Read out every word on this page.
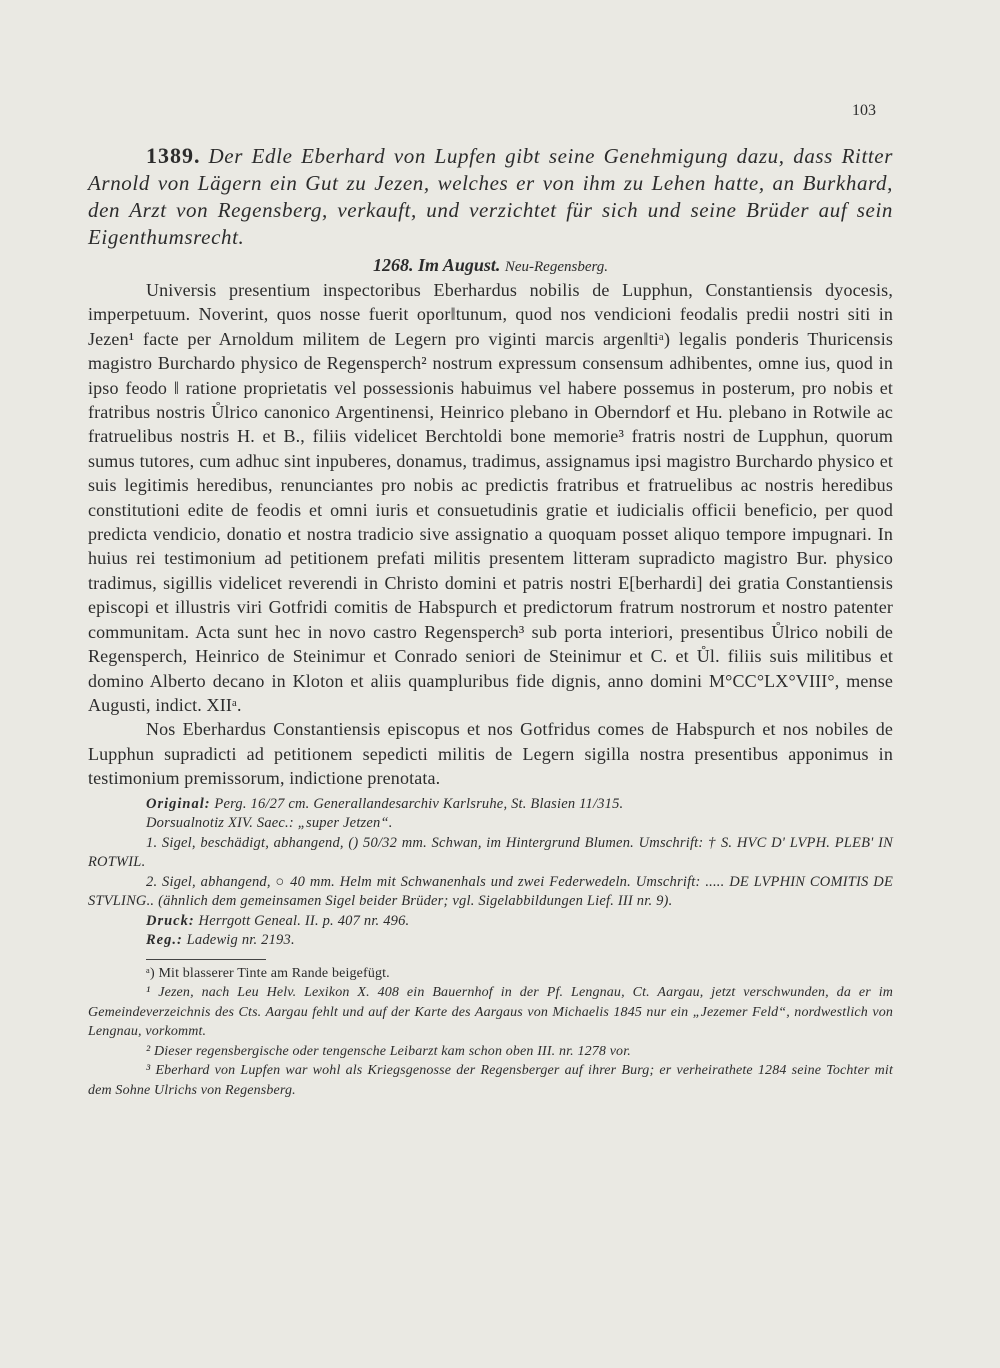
103

1389. Der Edle Eberhard von Lupfen gibt seine Genehmigung dazu, dass Ritter Arnold von Lägern ein Gut zu Jezen, welches er von ihm zu Lehen hatte, an Burkhard, den Arzt von Regensberg, verkauft, und verzichtet für sich und seine Brüder auf sein Eigenthumsrecht.

1268. Im August. Neu-Regensberg.

Universis presentium inspectoribus Eberhardus nobilis de Lupphun, Constantiensis dyocesis, imperpetuum. Noverint, quos nosse fuerit opor‖tunum, quod nos vendicioni feodalis predii nostri siti in Jezen¹ facte per Arnoldum militem de Legern pro viginti marcis argen‖tiᵃ) legalis ponderis Thuricensis magistro Burchardo physico de Regensperch² nostrum expressum consensum adhibentes, omne ius, quod in ipso feodo ‖ ratione proprietatis vel possessionis habuimus vel habere possemus in posterum, pro nobis et fratribus nostris Ůlrico canonico Argentinensi, Heinrico plebano in Oberndorf et Hu. plebano in Rotwile ac fratruelibus nostris H. et B., filiis videlicet Berchtoldi bone memorie³ fratris nostri de Lupphun, quorum sumus tutores, cum adhuc sint inpuberes, donamus, tradimus, assignamus ipsi magistro Burchardo physico et suis legitimis heredibus, renunciantes pro nobis ac predictis fratribus et fratruelibus ac nostris heredibus constitutioni edite de feodis et omni iuris et consuetudinis gratie et iudicialis officii beneficio, per quod predicta vendicio, donatio et nostra tradicio sive assignatio a quoquam posset aliquo tempore impugnari. In huius rei testimonium ad petitionem prefati militis presentem litteram supradicto magistro Bur. physico tradimus, sigillis videlicet reverendi in Christo domini et patris nostri E[berhardi] dei gratia Constantiensis episcopi et illustris viri Gotfridi comitis de Habspurch et predictorum fratrum nostrorum et nostro patenter communitam. Acta sunt hec in novo castro Regensperch³ sub porta interiori, presentibus Ůlrico nobili de Regensperch, Heinrico de Steinimur et Conrado seniori de Steinimur et C. et Ůl. filiis suis militibus et domino Alberto decano in Kloton et aliis quampluribus fide dignis, anno domini M°CC°LX°VIII°, mense Augusti, indict. XIIᵃ.

Nos Eberhardus Constantiensis episcopus et nos Gotfridus comes de Habspurch et nos nobiles de Lupphun supradicti ad petitionem sepedicti militis de Legern sigilla nostra presentibus apponimus in testimonium premissorum, indictione prenotata.

Original: Perg. 16/27 cm. Generallandesarchiv Karlsruhe, St. Blasien 11/315.
Dorsualnotiz XIV. Saec.: „super Jetzen“.
1. Sigel, beschädigt, abhangend, () 50/32 mm. Schwan, im Hintergrund Blumen. Umschrift: † S. HVC D' LVPH. PLEB' IN ROTWIL.
2. Sigel, abhangend, ○ 40 mm. Helm mit Schwanenhals und zwei Federwedeln. Umschrift: ..... DE LVPHIN COMITIS DE STVLING.. (ähnlich dem gemeinsamen Sigel beider Brüder; vgl. Sigelabbildungen Lief. III nr. 9).
Druck: Herrgott Geneal. II. p. 407 nr. 496.
Reg.: Ladewig nr. 2193.
ᵃ) Mit blasserer Tinte am Rande beigefügt.
¹ Jezen, nach Leu Helv. Lexikon X. 408 ein Bauernhof in der Pf. Lengnau, Ct. Aargau, jetzt verschwunden, da er im Gemeindeverzeichnis des Cts. Aargau fehlt und auf der Karte des Aargaus von Michaelis 1845 nur ein „Jezemer Feld“, nordwestlich von Lengnau, vorkommt.
² Dieser regensbergische oder tengensche Leibarzt kam schon oben III. nr. 1278 vor.
³ Eberhard von Lupfen war wohl als Kriegsgenosse der Regensberger auf ihrer Burg; er verheirathete 1284 seine Tochter mit dem Sohne Ulrichs von Regensberg.
